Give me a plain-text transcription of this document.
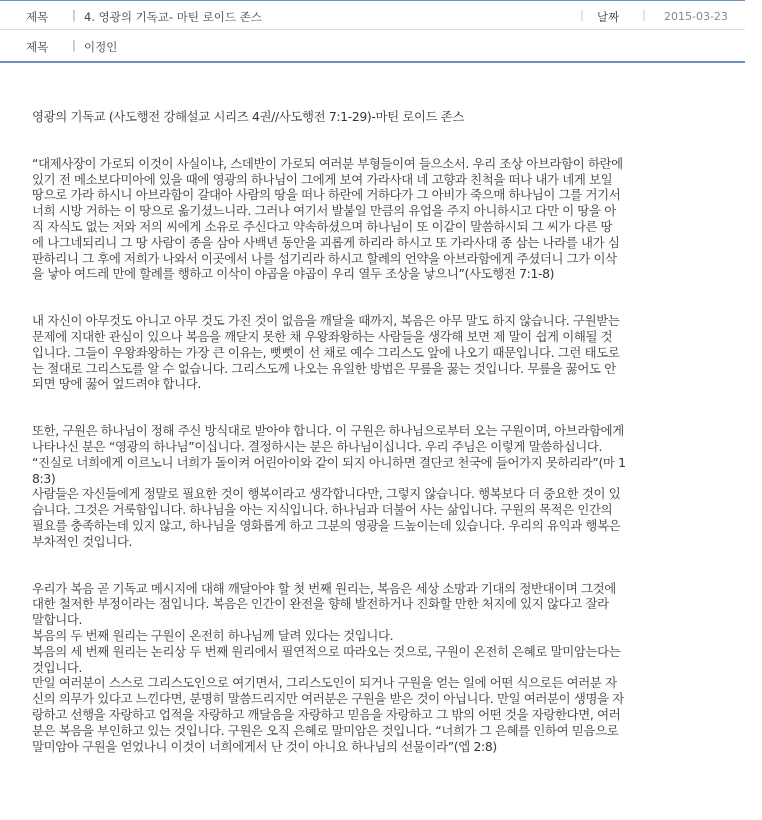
제목 | 4. 영광의 기독교- 마틴 로이드 존스	| 날짜 | 2015-03-23
제목 | 이정인

영광의 기독교 (사도행전 강해설교 시리즈 4권//사도행전 7:1-29)-마틴 로이드 존스

“대제사장이 가로되 이것이 사실이냐, 스데반이 가로되 여러분 부형들이여 들으소서. 우리 조상 아브라함이 하란에

있기 전 메소보다미아에 있을 때에 영광의 하나님이 그에게 보여 가라사대 네 고향과 친척을 떠나 내가 네게 보일

땅으로 가라 하시니 아브라함이 갈대아 사람의 땅을 떠나 하란에 거하다가 그 아비가 죽으매 하나님이 그를 거기서

너희 시방 거하는 이 땅으로 옮기셨느니라. 그러나 여기서 발붙일 만큼의 유업을 주지 아니하시고 다만 이 땅을 아

직 자식도 없는 저와 저의 씨에게 소유로 주신다고 약속하셨으며 하나님이 또 이같이 말씀하시되 그 씨가 다른 땅

에 나그네되리니 그 땅 사람이 종을 삼아 사백년 동안을 괴롭게 하리라 하시고 또 가라사대 종 삼는 나라를 내가 심

판하리니 그 후에 저희가 나와서 이곳에서 나를 섬기리라 하시고 할례의 언약을 아브라함에게 주셨더니 그가 이삭

을 낳아 여드레 만에 할례를 행하고 이삭이 야곱을 야곱이 우리 열두 조상을 낳으니”(사도행전 7:1-8)

내 자신이 아무것도 아니고 아무 것도 가진 것이 없음을 깨달을 때까지, 복음은 아무 말도 하지 않습니다. 구원받는

문제에 지대한 관심이 있으나 복음을 깨닫지 못한 채 우왕좌왕하는 사람들을 생각해 보면 제 말이 쉽게 이해될 것

입니다. 그들이 우왕좌왕하는 가장 큰 이유는, 뻣뻣이 선 채로 예수 그리스도 앞에 나오기 때문입니다. 그런 태도로

는 절대로 그리스도를 알 수 없습니다. 그리스도께 나오는 유일한 방법은 무릎을 꿇는 것입니다. 무릎을 꿇어도 안

되면 땅에 꿇어 엎드려야 합니다.

또한, 구원은 하나님이 정해 주신 방식대로 받아야 합니다. 이 구원은 하나님으로부터 오는 구원이며, 아브라함에게

나타나신 분은 “영광의 하나님”이십니다. 결정하시는 분은 하나님이십니다. 우리 주님은 이렇게 말씀하십니다.

“진실로 너희에게 이르노니 너희가 돌이켜 어린아이와 같이 되지 아니하면 결단코 천국에 들어가지 못하리라”(마 1

8:3)

사람들은 자신들에게 정말로 필요한 것이 행복이라고 생각합니다만, 그렇지 않습니다. 행복보다 더 중요한 것이 있

습니다. 그것은 거룩함입니다. 하나님을 아는 지식입니다. 하나님과 더불어 사는 삶입니다. 구원의 목적은 인간의

필요를 충족하는데 있지 않고, 하나님을 영화롭게 하고 그분의 영광을 드높이는데 있습니다. 우리의 유익과 행복은

부차적인 것입니다.

우리가 복음 곧 기독교 메시지에 대해 깨달아야 할 첫 번째 원리는, 복음은 세상 소망과 기대의 정반대이며 그것에

대한 철저한 부정이라는 점입니다. 복음은 인간이 완전을 향해 발전하거나 진화할 만한 처지에 있지 않다고 잘라

말합니다.

복음의 두 번째 원리는 구원이 온전히 하나님께 달려 있다는 것입니다.

복음의 세 번째 원리는 논리상 두 번째 원리에서 필연적으로 따라오는 것으로, 구원이 온전히 은혜로 말미암는다는

것입니다.

만일 여러분이 스스로 그리스도인으로 여기면서, 그리스도인이 되거나 구원을 얻는 일에 어떤 식으로든 여러분 자

신의 의무가 있다고 느낀다면, 분명히 말씀드리지만 여러분은 구원을 받은 것이 아닙니다. 만일 여러분이 생명을 자

랑하고 선행을 자랑하고 업적을 자랑하고 깨달음을 자랑하고 믿음을 자랑하고 그 밖의 어떤 것을 자랑한다면, 여러

분은 복음을 부인하고 있는 것입니다. 구원은 오직 은혜로 말미암은 것입니다. “너희가 그 은혜를 인하여 믿음으로

말미암아 구원을 얻었나니 이것이 너희에게서 난 것이 아니요 하나님의 선물이라”(엡 2:8)
